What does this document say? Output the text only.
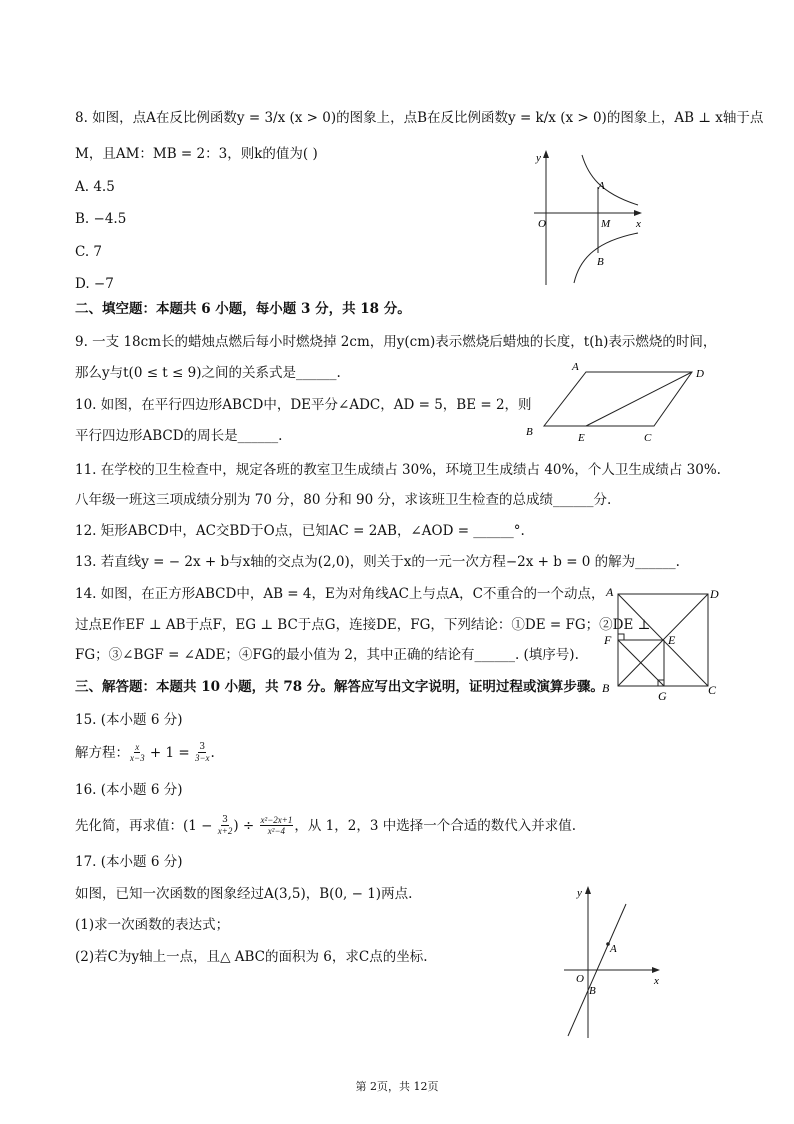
8. 如图，点A在反比例函数y = 3/x (x > 0)的图象上，点B在反比例函数y = k/x (x > 0)的图象上，AB ⊥ x轴于点
M，且AM：MB = 2：3，则k的值为( )
A. 4.5
B. −4.5
C. 7
D. −7
y
x
O
A
M
B
二、填空题：本题共 6 小题，每小题 3 分，共 18 分。
9. 一支 18cm长的蜡烛点燃后每小时燃烧掉 2cm，用y(cm)表示燃烧后蜡烛的长度，t(h)表示燃烧的时间，
那么y与t(0 ≤ t ≤ 9)之间的关系式是______.
10. 如图，在平行四边形ABCD中，DE平分∠ADC，AD = 5，BE = 2，则
平行四边形ABCD的周长是______.
A
D
B	E	C
11. 在学校的卫生检查中，规定各班的教室卫生成绩占 30%，环境卫生成绩占 40%，个人卫生成绩占 30%.
八年级一班这三项成绩分别为 70 分，80 分和 90 分，求该班卫生检查的总成绩______分.
12. 矩形ABCD中，AC交BD于O点，已知AC = 2AB，∠AOD = ______°.
13. 若直线y = − 2x + b与x轴的交点为(2,0)，则关于x的一元一次方程−2x + b = 0 的解为______.
14. 如图，在正方形ABCD中，AB = 4，E为对角线AC上与点A，C不重合的一个动点，
过点E作EF ⊥ AB于点F，EG ⊥ BC于点G，连接DE，FG，下列结论：①DE = FG；②DE ⊥
FG；③∠BGF = ∠ADE；④FG的最小值为 2，其中正确的结论有______. (填序号).
A	D
F	E
B
G	C
三、解答题：本题共 10 小题，共 78 分。解答应写出文字说明，证明过程或演算步骤。
15. (本小题 6 分)
解方程： $\frac{x}{x-3} + 1 = \frac{3}{3-x}$ .
16. (本小题 6 分)
先化简，再求值：($1 - \frac{3}{x+2}$ ) ÷ $\frac{\text{x²−2x+1}}{\text{x²−4}}$ ，从 1，2，3 中选择一个合适的数代入并求值.
17. (本小题 6 分)
如图，已知一次函数的图象经过A(3,5)，B(0, − 1)两点.
(1)求一次函数的表达式；
(2)若C为y轴上一点，且△ ABC的面积为 6，求C点的坐标.
y
x
O
A
B
第 2页，共 12页
